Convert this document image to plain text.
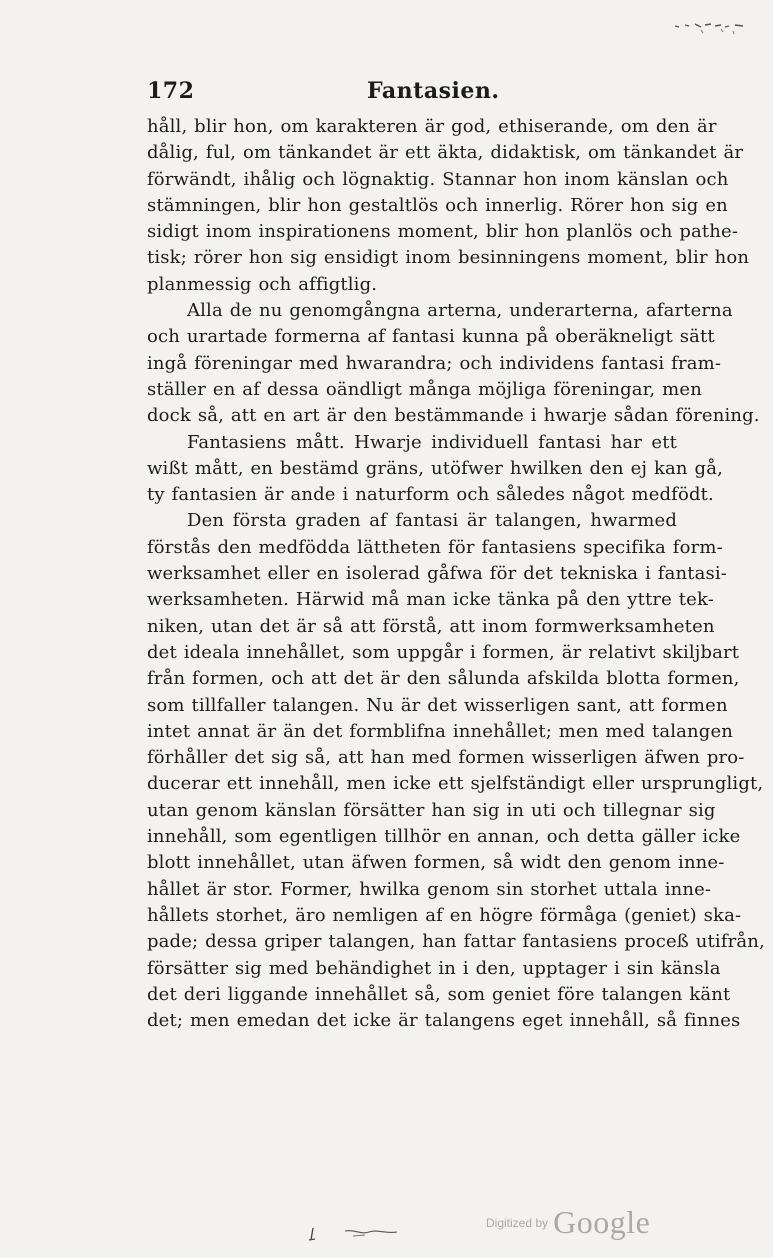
172	Fantasien.
håll, blir hon, om karakteren är god, ethiserande, om den är
dålig, ful, om tänkandet är ett äkta, didaktisk, om tänkandet är
förwändt, ihålig och lögnaktig. Stannar hon inom känslan och
stämningen, blir hon gestaltlös och innerlig. Rörer hon sig en
sidigt inom inspirationens moment, blir hon planlös och pathe-
tisk; rörer hon sig ensidigt inom besinningens moment, blir hon
planmessig och affigtlig.
Alla de nu genomgångna arterna, underarterna, afarterna
och urartade formerna af fantasi kunna på oberäkneligt sätt
ingå föreningar med hwarandra; och individens fantasi fram-
ställer en af dessa oändligt många möjliga föreningar, men
dock så, att en art är den bestämmande i hwarje sådan förening.
Fantasiens mått. Hwarje individuell fantasi har ett
wißt mått, en bestämd gräns, utöfwer hwilken den ej kan gå,
ty fantasien är ande i naturform och således något medfödt.
Den första graden af fantasi är talangen, hwarmed
förstås den medfödda lättheten för fantasiens specifika form-
werksamhet eller en isolerad gåfwa för det tekniska i fantasi-
werksamheten. Härwid må man icke tänka på den yttre tek-
niken, utan det är så att förstå, att inom formwerksamheten
det ideala innehållet, som uppgår i formen, är relativt skiljbart
från formen, och att det är den sålunda afskilda blotta formen,
som tillfaller talangen. Nu är det wisserligen sant, att formen
intet annat är än det formblifna innehållet; men med talangen
förhåller det sig så, att han med formen wisserligen äfwen pro-
ducerar ett innehåll, men icke ett sjelfständigt eller ursprungligt,
utan genom känslan försätter han sig in uti och tillegnar sig
innehåll, som egentligen tillhör en annan, och detta gäller icke
blott innehållet, utan äfwen formen, så widt den genom inne-
hållet är stor. Former, hwilka genom sin storhet uttala inne-
hållets storhet, äro nemligen af en högre förmåga (geniet) ska-
pade; dessa griper talangen, han fattar fantasiens proceß utifrån,
försätter sig med behändighet in i den, upptager i sin känsla
det deri liggande innehållet så, som geniet före talangen känt
det; men emedan det icke är talangens eget innehåll, så finnes
$^{Digitized by}$ Google
